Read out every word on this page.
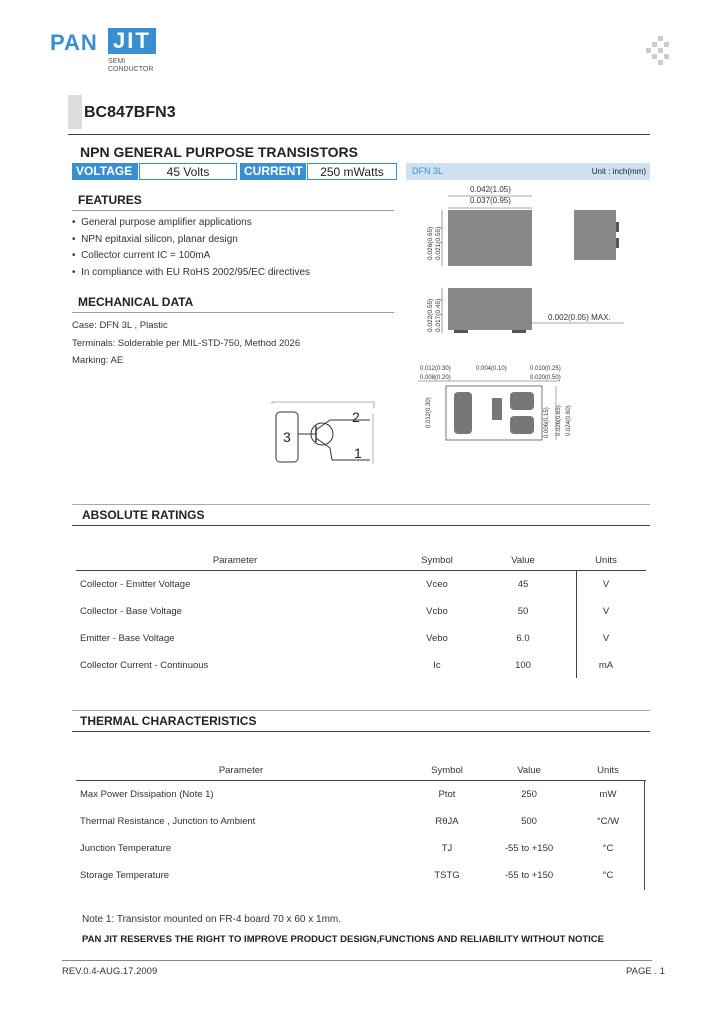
PAN JIT
SEMI
CONDUCTOR
BC847BFN3
NPN GENERAL PURPOSE TRANSISTORS
VOLTAGE	45 Volts	CURRENT	250 mWatts	DFN 3L	Unit : inch(mm)
FEATURES
•  General purpose amplifier applications
•  NPN epitaxial silicon, planar design
•  Collector current IC = 100mA
•  In compliance with EU RoHS 2002/95/EC directives
MECHANICAL DATA
Case: DFN 3L , Plastic
Terminals: Solderable per MIL-STD-750, Method 2026
Marking: AE
0.042(1.05)
0.037(0.95)
0.026(0.65) 0.021(0.55)
0.022(0.55) 0.017(0.45)	0.002(0.05) MAX.
0.012(0.30)
0.008(0.20)
0.004(0.10)	0.010(0.25)
0.020(0.50)
0.012(0.30)	0.006(0.15) 0.026(0.65) 0.024(0.60)
3
2
1
ABSOLUTE RATINGS
Parameter	Symbol	Value	Units
Collector - Emitter Voltage	Vceo	45	V
Collector - Base Voltage	Vcbo	50	V
Emitter - Base Voltage	Vebo	6.0	V
Collector Current - Continuous	Ic	100	mA
THERMAL CHARACTERISTICS
Parameter	Symbol	Value	Units
Max Power Dissipation (Note 1)	Ptot	250	mW
Thermal Resistance , Junction to Ambient	RθJA	500	°C/W
Junction Temperature	TJ	-55 to +150	°C
Storage Temperature	TSTG	-55 to +150	°C
Note 1: Transistor mounted on FR-4 board 70 x 60 x 1mm.
PAN JIT RESERVES THE RIGHT TO IMPROVE PRODUCT DESIGN,FUNCTIONS AND RELIABILITY WITHOUT NOTICE
REV.0.4-AUG.17.2009	PAGE . 1
